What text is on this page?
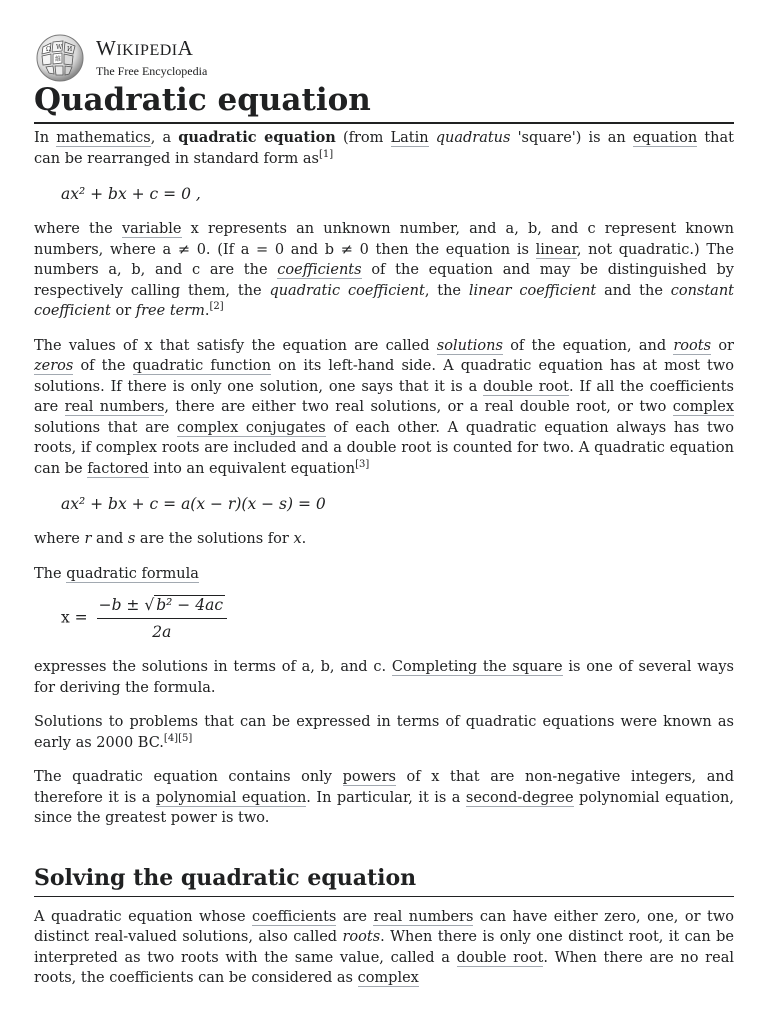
Ω W И
維 WIKIPEDIA
The Free Encyclopedia
Quadratic equation

In mathematics, a quadratic equation (from Latin quadratus 'square') is an equation that can be rearranged in standard form as[1]

ax² + bx + c = 0 ,

where the variable x represents an unknown number, and a, b, and c represent known numbers, where a ≠ 0. (If a = 0 and b ≠ 0 then the equation is linear, not quadratic.) The numbers a, b, and c are the coefficients of the equation and may be distinguished by respectively calling them, the quadratic coefficient, the linear coefficient and the constant coefficient or free term.[2]

The values of x that satisfy the equation are called solutions of the equation, and roots or zeros of the quadratic function on its left-hand side. A quadratic equation has at most two solutions. If there is only one solution, one says that it is a double root. If all the coefficients are real numbers, there are either two real solutions, or a real double root, or two complex solutions that are complex conjugates of each other. A quadratic equation always has two roots, if complex roots are included and a double root is counted for two. A quadratic equation can be factored into an equivalent equation[3]

ax² + bx + c = a(x − r)(x − s) = 0

where r and s are the solutions for x.

The quadratic formula

$x = \frac{\text{−b ± √ b² − 4ac}}{2a}$

expresses the solutions in terms of a, b, and c. Completing the square is one of several ways for deriving the formula.

Solutions to problems that can be expressed in terms of quadratic equations were known as early as 2000 BC.[4][5]

The quadratic equation contains only powers of x that are non-negative integers, and therefore it is a polynomial equation. In particular, it is a second-degree polynomial equation, since the greatest power is two.

Solving the quadratic equation

A quadratic equation whose coefficients are real numbers can have either zero, one, or two distinct real-valued solutions, also called roots. When there is only one distinct root, it can be interpreted as two roots with the same value, called a double root. When there are no real roots, the coefficients can be considered as complex
